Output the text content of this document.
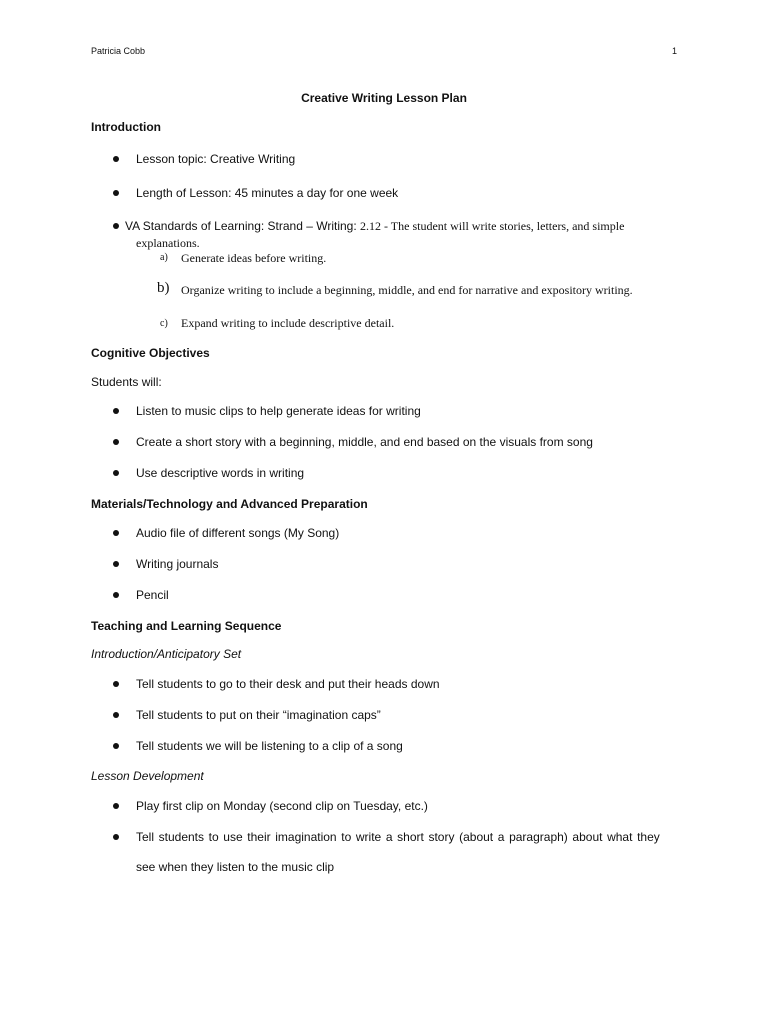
Patricia Cobb	1
Creative Writing Lesson Plan
Introduction
Lesson topic: Creative Writing
Length of Lesson: 45 minutes a day for one week
VA Standards of Learning: Strand – Writing: 2.12 - The student will write stories, letters, and simple
explanations.
a) Generate ideas before writing.
b) Organize writing to include a beginning, middle, and end for narrative and expository writing.
c) Expand writing to include descriptive detail.
Cognitive Objectives
Students will:
Listen to music clips to help generate ideas for writing
Create a short story with a beginning, middle, and end based on the visuals from song
Use descriptive words in writing
Materials/Technology and Advanced Preparation
Audio file of different songs (My Song)
Writing journals
Pencil
Teaching and Learning Sequence
Introduction/Anticipatory Set
Tell students to go to their desk and put their heads down
Tell students to put on their “imagination caps”
Tell students we will be listening to a clip of a song
Lesson Development
Play first clip on Monday (second clip on Tuesday, etc.)
Tell students to use their imagination to write a short story (about a paragraph) about what they
see when they listen to the music clip
